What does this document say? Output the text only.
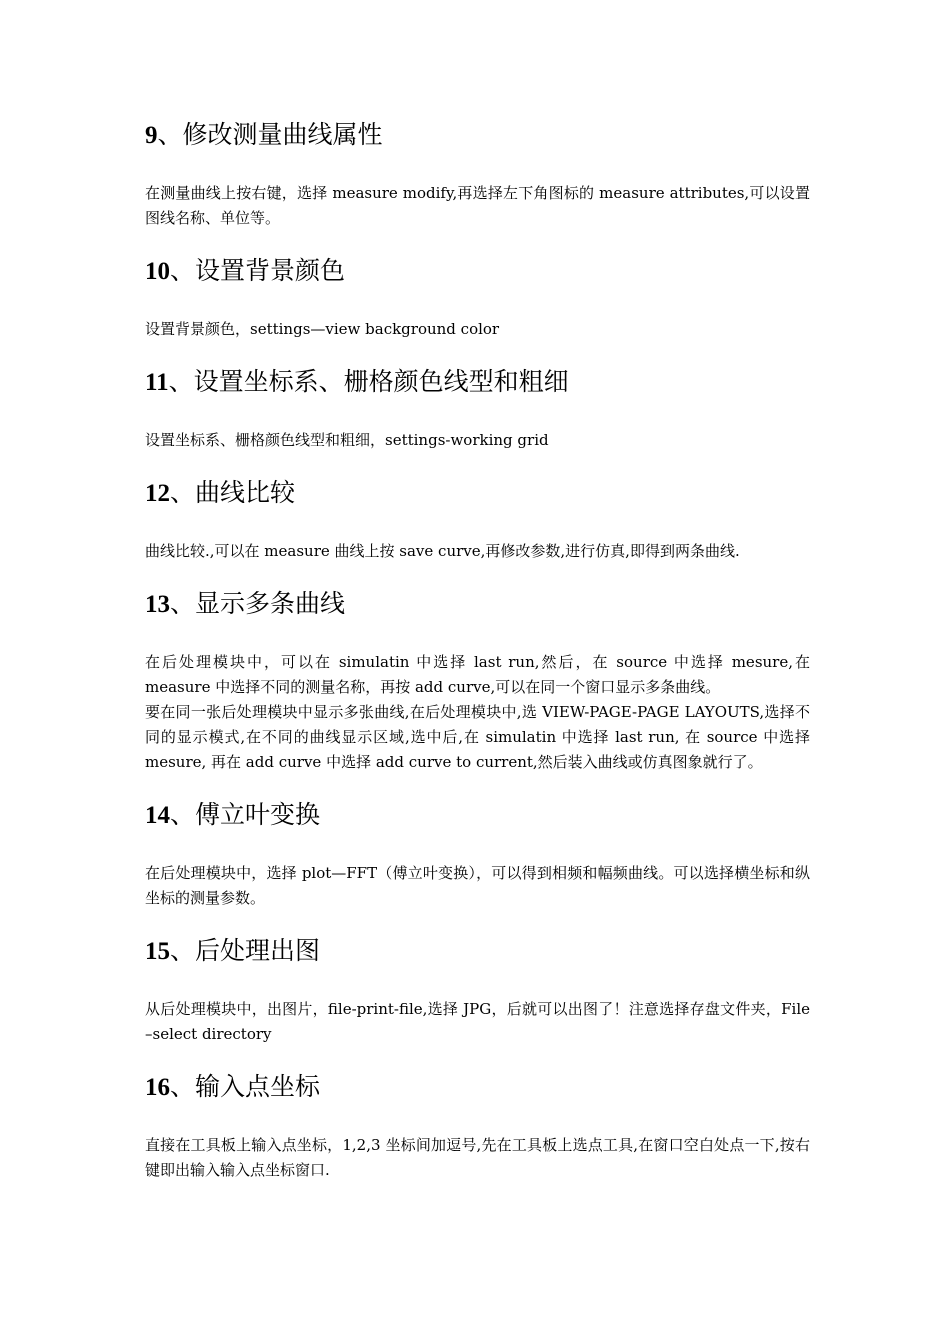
9、修改测量曲线属性

在测量曲线上按右键，选择 measure modify,再选择左下角图标的 measure attributes,可以设置图线名称、单位等。

10、设置背景颜色

设置背景颜色，settings—view background color

11、设置坐标系、栅格颜色线型和粗细

设置坐标系、栅格颜色线型和粗细，settings-working grid

12、曲线比较

曲线比较.,可以在 measure 曲线上按 save curve,再修改参数,进行仿真,即得到两条曲线.

13、显示多条曲线

在后处理模块中，可以在 simulatin 中选择 last run,然后，在 source 中选择 mesure,在 measure 中选择不同的测量名称，再按 add curve,可以在同一个窗口显示多条曲线。

要在同一张后处理模块中显示多张曲线,在后处理模块中,选 VIEW-PAGE-PAGE LAYOUTS,选择不同的显示模式,在不同的曲线显示区域,选中后,在 simulatin 中选择 last run, 在 source 中选择 mesure, 再在 add curve 中选择 add curve to current,然后装入曲线或仿真图象就行了。

14、傅立叶变换

在后处理模块中，选择 plot—FFT（傅立叶变换），可以得到相频和幅频曲线。可以选择横坐标和纵坐标的测量参数。

15、后处理出图

从后处理模块中，出图片，file-print-file,选择 JPG，后就可以出图了！注意选择存盘文件夹，File –select directory

16、输入点坐标

直接在工具板上输入点坐标，1,2,3 坐标间加逗号,先在工具板上选点工具,在窗口空白处点一下,按右键即出输入输入点坐标窗口.
